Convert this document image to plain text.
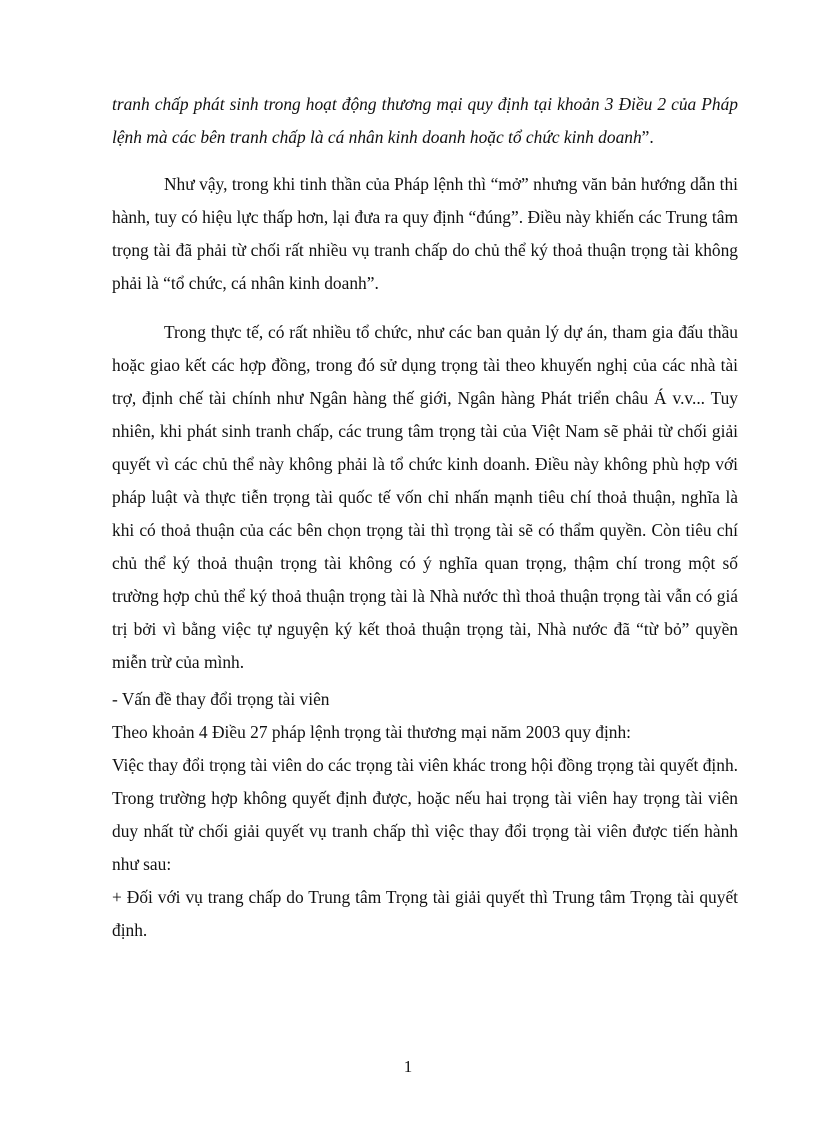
tranh chấp phát sinh trong hoạt động thương mại quy định tại khoản 3 Điều 2 của Pháp lệnh mà các bên tranh chấp là cá nhân kinh doanh hoặc tổ chức kinh doanh”.

Như vậy, trong khi tinh thần của Pháp lệnh thì “mở” nhưng văn bản hướng dẫn thi hành, tuy có hiệu lực thấp hơn, lại đưa ra quy định “đúng”. Điều này khiến các Trung tâm trọng tài đã phải từ chối rất nhiều vụ tranh chấp do chủ thể ký thoả thuận trọng tài không phải là “tổ chức, cá nhân kinh doanh”.

Trong thực tế, có rất nhiều tổ chức, như các ban quản lý dự án, tham gia đấu thầu hoặc giao kết các hợp đồng, trong đó sử dụng trọng tài theo khuyến nghị của các nhà tài trợ, định chế tài chính như Ngân hàng thế giới, Ngân hàng Phát triển châu Á v.v... Tuy nhiên, khi phát sinh tranh chấp, các trung tâm trọng tài của Việt Nam sẽ phải từ chối giải quyết vì các chủ thể này không phải là tổ chức kinh doanh. Điều này không phù hợp với pháp luật và thực tiễn trọng tài quốc tế vốn chỉ nhấn mạnh tiêu chí thoả thuận, nghĩa là khi có thoả thuận của các bên chọn trọng tài thì trọng tài sẽ có thẩm quyền. Còn tiêu chí chủ thể ký thoả thuận trọng tài không có ý nghĩa quan trọng, thậm chí trong một số trường hợp chủ thể ký thoả thuận trọng tài là Nhà nước thì thoả thuận trọng tài vẫn có giá trị bởi vì bằng việc tự nguyện ký kết thoả thuận trọng tài, Nhà nước đã “từ bỏ” quyền miễn trừ của mình.

- Vấn đề thay đổi trọng tài viên

Theo khoản 4 Điều 27 pháp lệnh trọng tài thương mại năm 2003 quy định:

Việc thay đổi trọng tài viên do các trọng tài viên khác trong hội đồng trọng tài quyết định. Trong trường hợp không quyết định được, hoặc nếu hai trọng tài viên hay trọng tài viên duy nhất từ chối giải quyết vụ tranh chấp thì việc thay đổi trọng tài viên được tiến hành như sau:

+ Đối với vụ trang chấp do Trung tâm Trọng tài giải quyết thì Trung tâm Trọng tài quyết định.

1
